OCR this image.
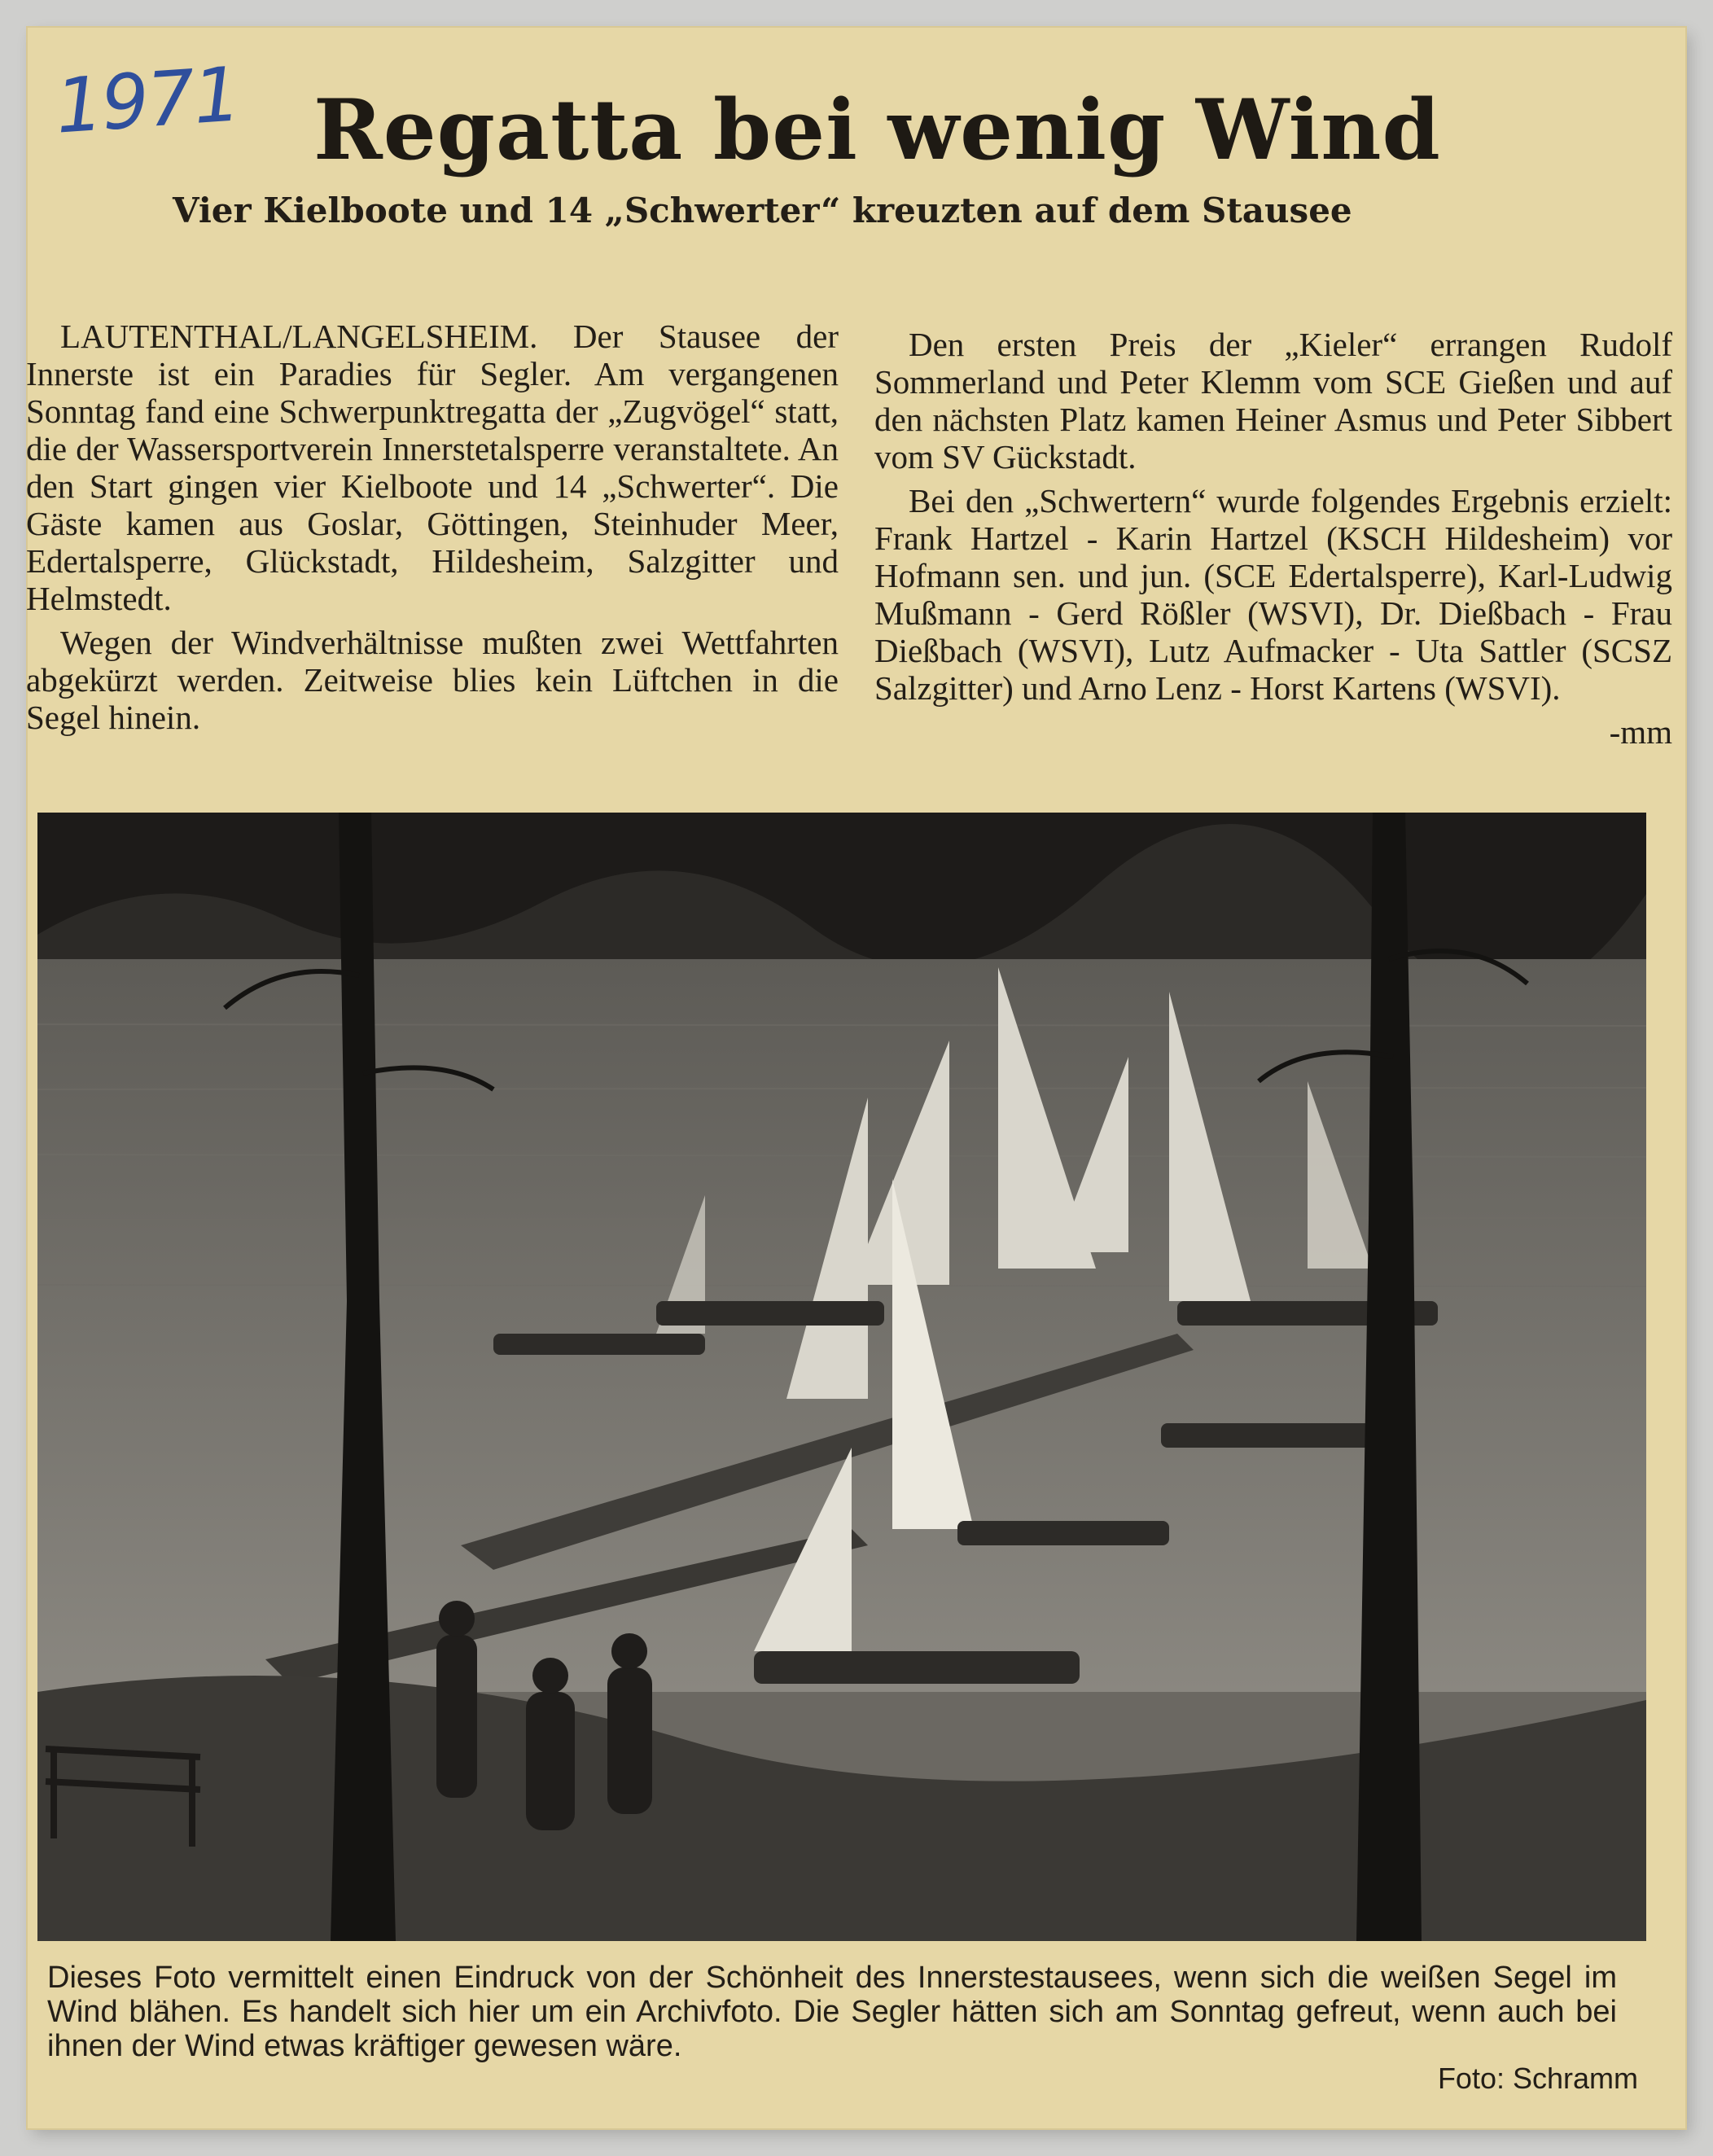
1971 Regatta bei wenig Wind
Vier Kielboote und 14 „Schwerter“ kreuzten auf dem Stausee

LAUTENTHAL/LANGELSHEIM. Der Stausee der Innerste ist ein Paradies für Segler. Am vergangenen Sonntag fand eine Schwerpunktregatta der „Zugvögel“ statt, die der Wassersportverein Innerstetalsperre veranstaltete. An den Start gingen vier Kielboote und 14 „Schwerter“. Die Gäste kamen aus Goslar, Göttingen, Steinhuder Meer, Edertalsperre, Glückstadt, Hildesheim, Salzgitter und Helmstedt.

Wegen der Windverhältnisse mußten zwei Wettfahrten abgekürzt werden. Zeitweise blies kein Lüftchen in die Segel hinein.

Den ersten Preis der „Kieler“ errangen Rudolf Sommerland und Peter Klemm vom SCE Gießen und auf den nächsten Platz kamen Heiner Asmus und Peter Sibbert vom SV Gückstadt.

Bei den „Schwertern“ wurde folgendes Ergebnis erzielt: Frank Hartzel - Karin Hartzel (KSCH Hildesheim) vor Hofmann sen. und jun. (SCE Edertalsperre), Karl-Ludwig Mußmann - Gerd Rößler (WSVI), Dr. Dießbach - Frau Dießbach (WSVI), Lutz Aufmacker - Uta Sattler (SCSZ Salzgitter) und Arno Lenz - Horst Kartens (WSVI).

-mm

Dieses Foto vermittelt einen Eindruck von der Schönheit des Innerstestausees, wenn sich die weißen Segel im Wind blähen. Es handelt sich hier um ein Archivfoto. Die Segler hätten sich am Sonntag gefreut, wenn auch bei ihnen der Wind etwas kräftiger gewesen wäre.
Foto: Schramm
